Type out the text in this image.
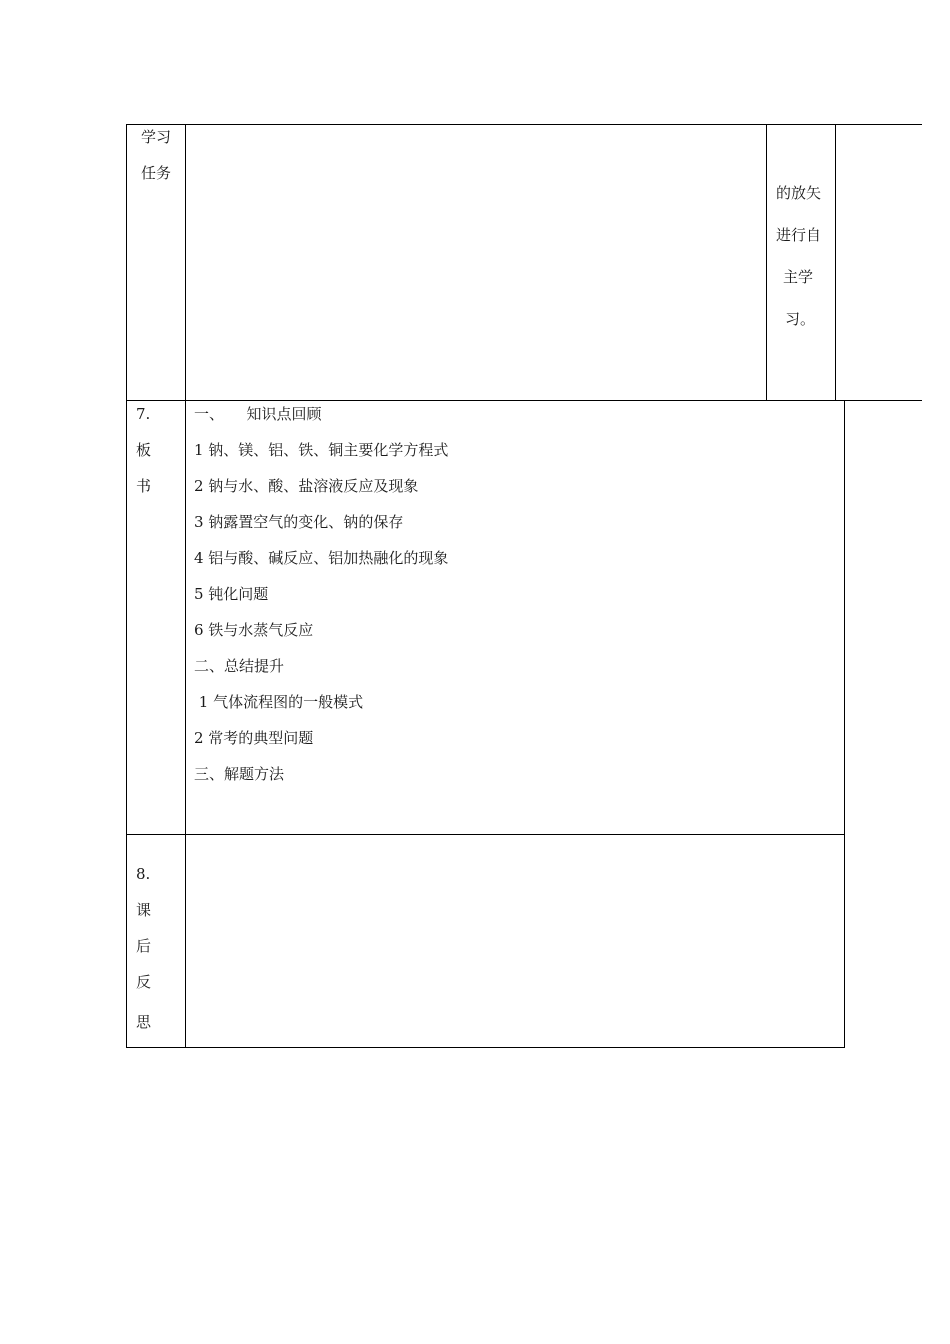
学习
任务
的放矢
进行自
主学
习。
7.
板
书
一、　　知识点回顾
1 钠、镁、铝、铁、铜主要化学方程式
2 钠与水、酸、盐溶液反应及现象
3 钠露置空气的变化、钠的保存
4 铝与酸、碱反应、铝加热融化的现象
5 钝化问题
6 铁与水蒸气反应
二、总结提升
1 气体流程图的一般模式
2 常考的典型问题
三、解题方法
8.
课
后
反
思
